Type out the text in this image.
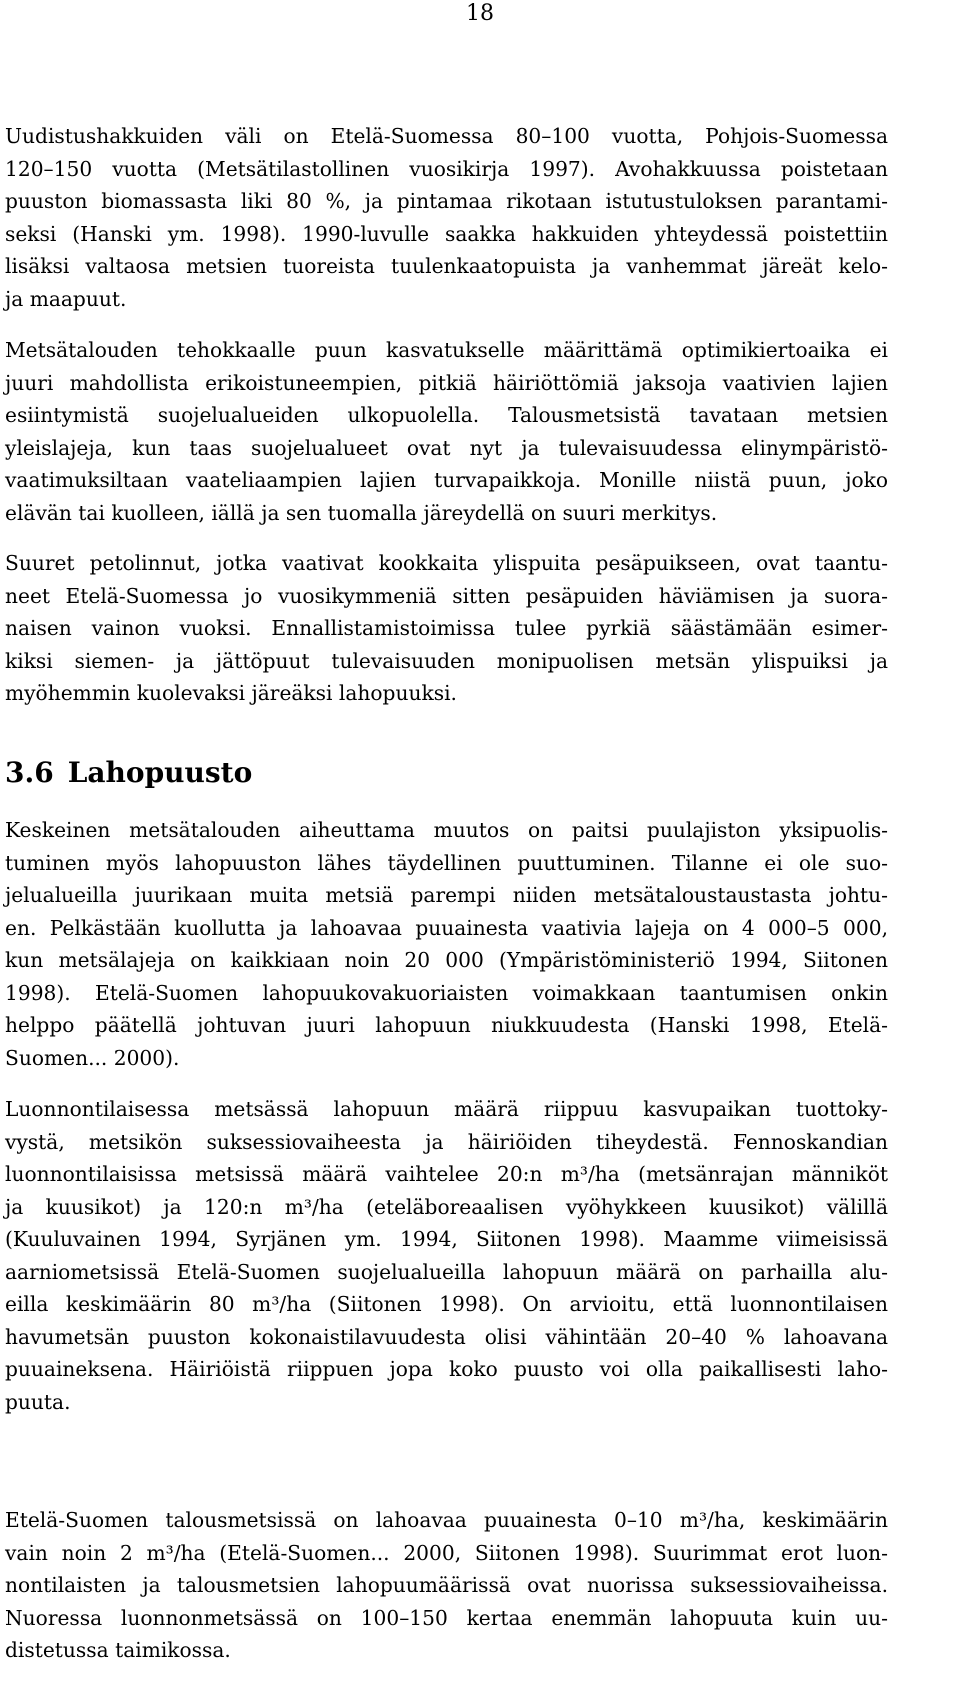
18
Uudistushakkuiden väli on Etelä-Suomessa 80–100 vuotta, Pohjois-Suomessa
120–150 vuotta (Metsätilastollinen vuosikirja 1997). Avohakkuussa poistetaan
puuston biomassasta liki 80 %, ja pintamaa rikotaan istutustuloksen parantami-
seksi (Hanski ym. 1998). 1990-luvulle saakka hakkuiden yhteydessä poistettiin
lisäksi valtaosa metsien tuoreista tuulenkaatopuista ja vanhemmat järeät kelo-
ja maapuut.
Metsätalouden tehokkaalle puun kasvatukselle määrittämä optimikiertoaika ei
juuri mahdollista erikoistuneempien, pitkiä häiriöttömiä jaksoja vaativien lajien
esiintymistä suojelualueiden ulkopuolella. Talousmetsistä tavataan metsien
yleislajeja, kun taas suojelualueet ovat nyt ja tulevaisuudessa elinympäristö-
vaatimuksiltaan vaateliaampien lajien turvapaikkoja. Monille niistä puun, joko
elävän tai kuolleen, iällä ja sen tuomalla järeydellä on suuri merkitys.
Suuret petolinnut, jotka vaativat kookkaita ylispuita pesäpuikseen, ovat taantu-
neet Etelä-Suomessa jo vuosikymmeniä sitten pesäpuiden häviämisen ja suora-
naisen vainon vuoksi. Ennallistamistoimissa tulee pyrkiä säästämään esimer-
kiksi siemen- ja jättöpuut tulevaisuuden monipuolisen metsän ylispuiksi ja
myöhemmin kuolevaksi järeäksi lahopuuksi.
3.6 Lahopuusto
Keskeinen metsätalouden aiheuttama muutos on paitsi puulajiston yksipuolis-
tuminen myös lahopuuston lähes täydellinen puuttuminen. Tilanne ei ole suo-
jelualueilla juurikaan muita metsiä parempi niiden metsätaloustaustasta johtu-
en. Pelkästään kuollutta ja lahoavaa puuainesta vaativia lajeja on 4 000–5 000,
kun metsälajeja on kaikkiaan noin 20 000 (Ympäristöministeriö 1994, Siitonen
1998). Etelä-Suomen lahopuukovakuoriaisten voimakkaan taantumisen onkin
helppo päätellä johtuvan juuri lahopuun niukkuudesta (Hanski 1998, Etelä-
Suomen... 2000).
Luonnontilaisessa metsässä lahopuun määrä riippuu kasvupaikan tuottoky-
vystä, metsikön suksessiovaiheesta ja häiriöiden tiheydestä. Fennoskandian
luonnontilaisissa metsissä määrä vaihtelee 20:n m³/ha (metsänrajan männiköt
ja kuusikot) ja 120:n m³/ha (eteläboreaalisen vyöhykkeen kuusikot) välillä
(Kuuluvainen 1994, Syrjänen ym. 1994, Siitonen 1998). Maamme viimeisissä
aarniometsissä Etelä-Suomen suojelualueilla lahopuun määrä on parhailla alu-
eilla keskimäärin 80 m³/ha (Siitonen 1998). On arvioitu, että luonnontilaisen
havumetsän puuston kokonaistilavuudesta olisi vähintään 20–40 % lahoavana
puuaineksena. Häiriöistä riippuen jopa koko puusto voi olla paikallisesti laho-
puuta.
Etelä-Suomen talousmetsissä on lahoavaa puuainesta 0–10 m³/ha, keskimäärin
vain noin 2 m³/ha (Etelä-Suomen... 2000, Siitonen 1998). Suurimmat erot luon-
nontilaisten ja talousmetsien lahopuumäärissä ovat nuorissa suksessiovaiheissa.
Nuoressa luonnonmetsässä on 100–150 kertaa enemmän lahopuuta kuin uu-
distetussa taimikossa.
